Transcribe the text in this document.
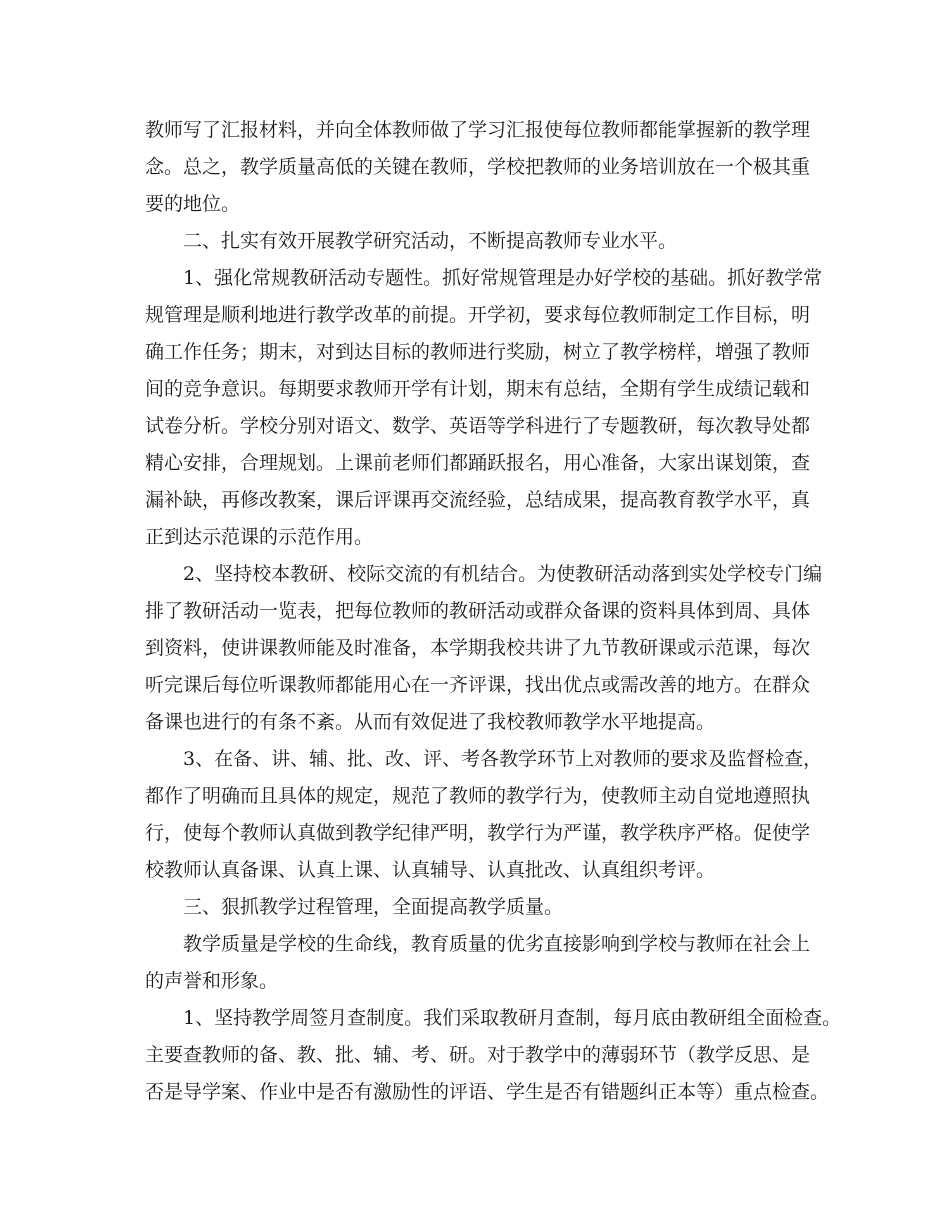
教师写了汇报材料，并向全体教师做了学习汇报使每位教师都能掌握新的教学理
念。总之，教学质量高低的关键在教师，学校把教师的业务培训放在一个极其重
要的地位。
二、扎实有效开展教学研究活动，不断提高教师专业水平。
1、强化常规教研活动专题性。抓好常规管理是办好学校的基础。抓好教学常
规管理是顺利地进行教学改革的前提。开学初，要求每位教师制定工作目标，明
确工作任务；期末，对到达目标的教师进行奖励，树立了教学榜样，增强了教师
间的竞争意识。每期要求教师开学有计划，期末有总结，全期有学生成绩记载和
试卷分析。学校分别对语文、数学、英语等学科进行了专题教研，每次教导处都
精心安排，合理规划。上课前老师们都踊跃报名，用心准备，大家出谋划策，查
漏补缺，再修改教案，课后评课再交流经验，总结成果，提高教育教学水平，真
正到达示范课的示范作用。
2、坚持校本教研、校际交流的有机结合。为使教研活动落到实处学校专门编
排了教研活动一览表，把每位教师的教研活动或群众备课的资料具体到周、具体
到资料，使讲课教师能及时准备，本学期我校共讲了九节教研课或示范课，每次
听完课后每位听课教师都能用心在一齐评课，找出优点或需改善的地方。在群众
备课也进行的有条不紊。从而有效促进了我校教师教学水平地提高。
3、在备、讲、辅、批、改、评、考各教学环节上对教师的要求及监督检查，
都作了明确而且具体的规定，规范了教师的教学行为，使教师主动自觉地遵照执
行，使每个教师认真做到教学纪律严明，教学行为严谨，教学秩序严格。促使学
校教师认真备课、认真上课、认真辅导、认真批改、认真组织考评。
三、狠抓教学过程管理，全面提高教学质量。
教学质量是学校的生命线，教育质量的优劣直接影响到学校与教师在社会上
的声誉和形象。
1、坚持教学周签月查制度。我们采取教研月查制，每月底由教研组全面检查。
主要查教师的备、教、批、辅、考、研。对于教学中的薄弱环节（教学反思、是
否是导学案、作业中是否有激励性的评语、学生是否有错题纠正本等）重点检查。
